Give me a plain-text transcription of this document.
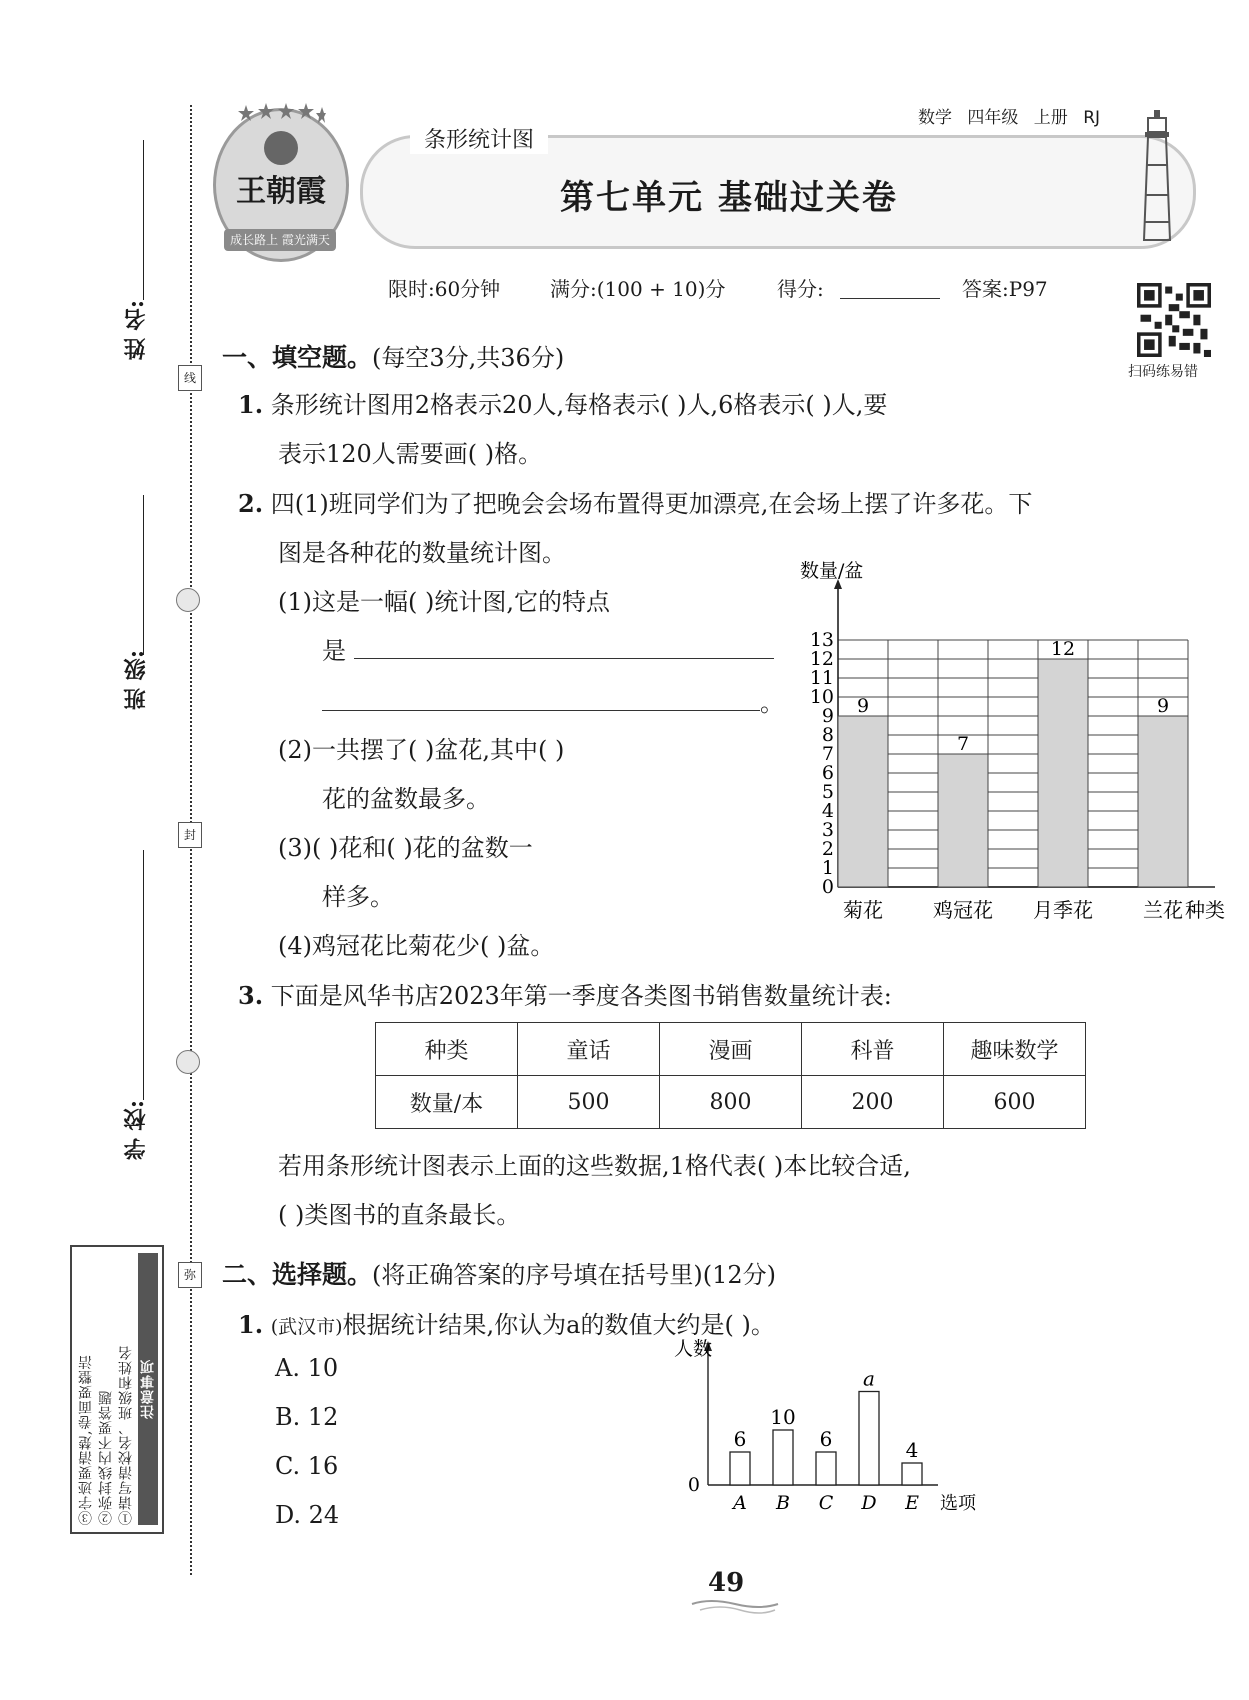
线
封
弥
姓 名:
班 级:
学 校:
注意事项
①请写清校名、班级和姓名
②弥封线内不要答题
③字迹要清楚,卷面要整洁
王朝霞
成长路上 霞光满天
条形统计图
数学 四年级 上册 RJ
第七单元 基础过关卷
限时:60分钟 满分:(100 + 10)分	得分:	答案:P97
扫码练易错
一、填空题。(每空3分,共36分)
1. 条形统计图用2格表示20人,每格表示( )人,6格表示( )人,要
表示120人需要画( )格。
2. 四(1)班同学们为了把晚会会场布置得更加漂亮,在会场上摆了许多花。下
图是各种花的数量统计图。
(1)这是一幅( )统计图,它的特点
是
。
(2)一共摆了( )盆花,其中( )
花的盆数最多。
(3)( )花和( )花的盆数一
样多。
(4)鸡冠花比菊花少( )盆。
数量/盆
0
1
2
3
4
5
6
7
8
9
10
11
12
13
9
菊花
7
鸡冠花
12
月季花
9
兰花 种类
3. 下面是风华书店2023年第一季度各类图书销售数量统计表:
种类	童话	漫画	科普	趣味数学
数量/本	500	800	200	600
若用条形统计图表示上面的这些数据,1格代表( )本比较合适,
( )类图书的直条最长。
二、选择题。(将正确答案的序号填在括号里)(12分)
1. (武汉市)根据统计结果,你认为a的数值大约是( )。
A. 10
B. 12
C. 16
D. 24
人数
0
6
A
10
B
6
C
a
D
4
E 选项
49
